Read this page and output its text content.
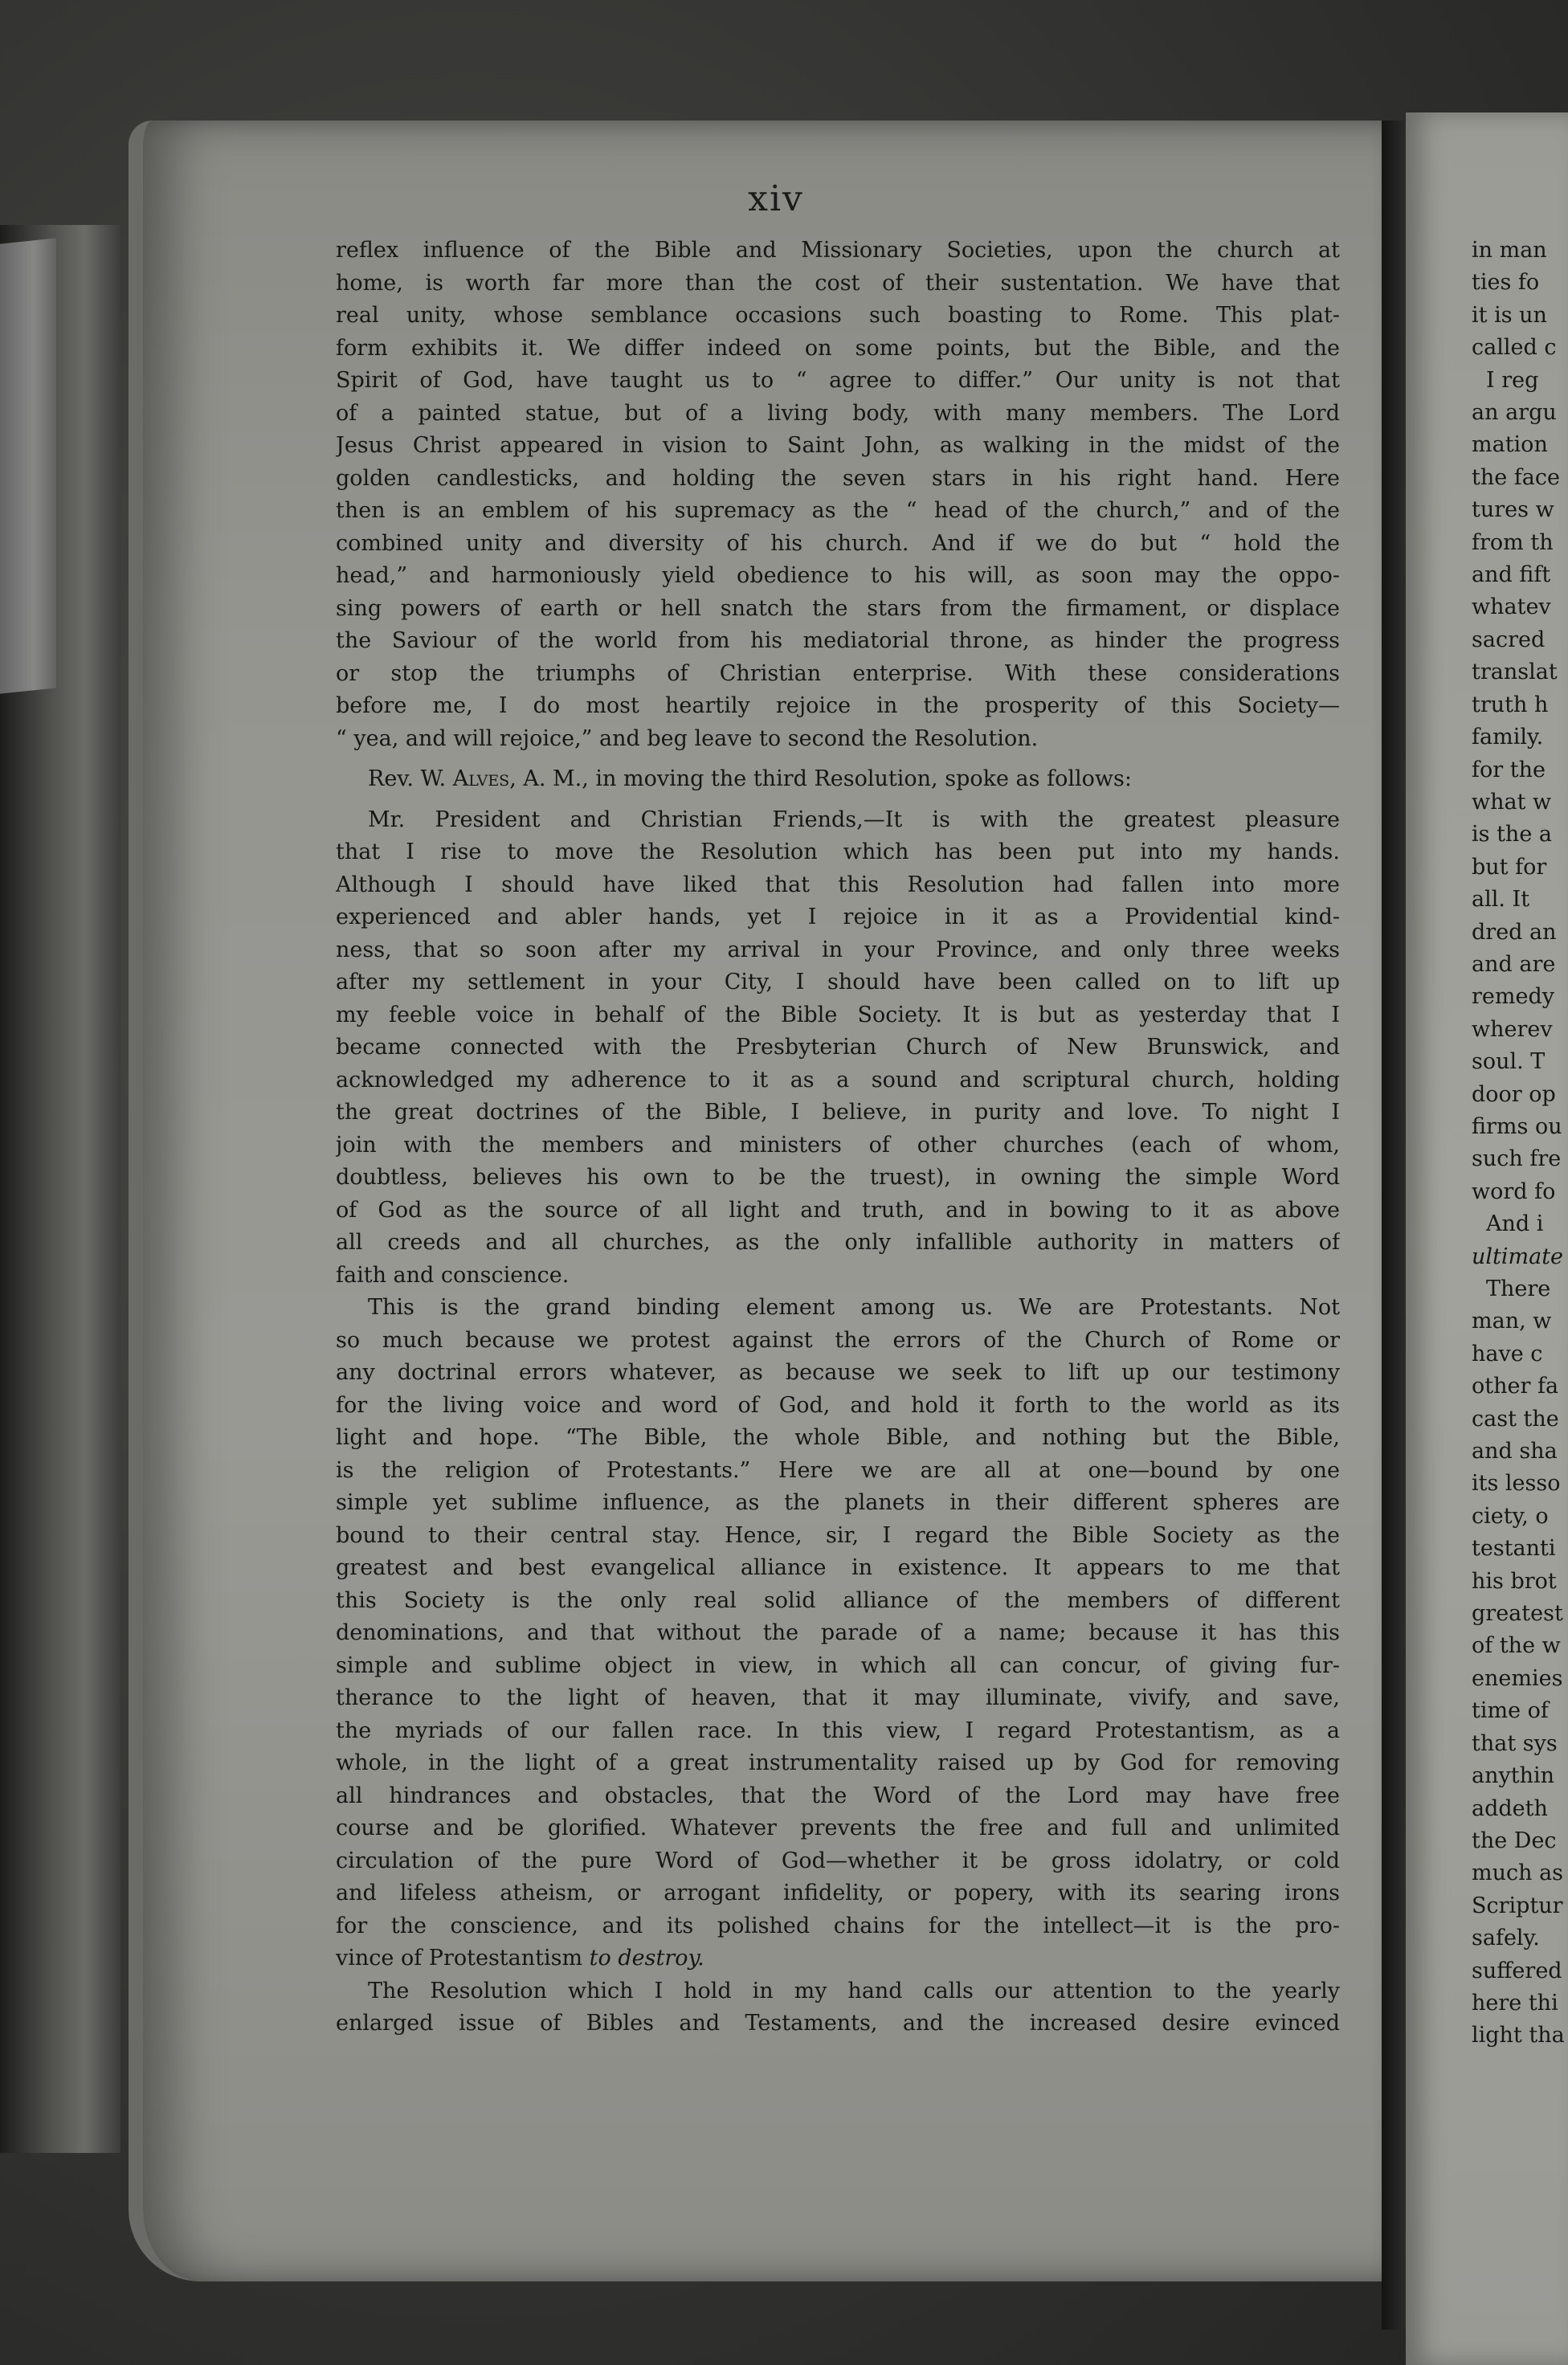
xiv

reflex influence of the Bible and Missionary Societies, upon the church at
home, is worth far more than the cost of their sustentation. We have that
real unity, whose semblance occasions such boasting to Rome. This plat-
form exhibits it. We differ indeed on some points, but the Bible, and the
Spirit of God, have taught us to “ agree to differ.” Our unity is not that
of a painted statue, but of a living body, with many members. The Lord
Jesus Christ appeared in vision to Saint John, as walking in the midst of the
golden candlesticks, and holding the seven stars in his right hand. Here
then is an emblem of his supremacy as the “ head of the church,” and of the
combined unity and diversity of his church. And if we do but “ hold the
head,” and harmoniously yield obedience to his will, as soon may the oppo-
sing powers of earth or hell snatch the stars from the firmament, or displace
the Saviour of the world from his mediatorial throne, as hinder the progress
or stop the triumphs of Christian enterprise. With these considerations
before me, I do most heartily rejoice in the prosperity of this Society—
“ yea, and will rejoice,” and beg leave to second the Resolution.

Rev. W. Alves, A. M., in moving the third Resolution, spoke as follows:

Mr. President and Christian Friends,—It is with the greatest pleasure
that I rise to move the Resolution which has been put into my hands.
Although I should have liked that this Resolution had fallen into more
experienced and abler hands, yet I rejoice in it as a Providential kind-
ness, that so soon after my arrival in your Province, and only three weeks
after my settlement in your City, I should have been called on to lift up
my feeble voice in behalf of the Bible Society. It is but as yesterday that I
became connected with the Presbyterian Church of New Brunswick, and
acknowledged my adherence to it as a sound and scriptural church, holding
the great doctrines of the Bible, I believe, in purity and love. To night I
join with the members and ministers of other churches (each of whom,
doubtless, believes his own to be the truest), in owning the simple Word
of God as the source of all light and truth, and in bowing to it as above
all creeds and all churches, as the only infallible authority in matters of
faith and conscience.

This is the grand binding element among us. We are Protestants. Not
so much because we protest against the errors of the Church of Rome or
any doctrinal errors whatever, as because we seek to lift up our testimony
for the living voice and word of God, and hold it forth to the world as its
light and hope. “The Bible, the whole Bible, and nothing but the Bible,
is the religion of Protestants.” Here we are all at one—bound by one
simple yet sublime influence, as the planets in their different spheres are
bound to their central stay. Hence, sir, I regard the Bible Society as the
greatest and best evangelical alliance in existence. It appears to me that
this Society is the only real solid alliance of the members of different
denominations, and that without the parade of a name; because it has this
simple and sublime object in view, in which all can concur, of giving fur-
therance to the light of heaven, that it may illuminate, vivify, and save,
the myriads of our fallen race. In this view, I regard Protestantism, as a
whole, in the light of a great instrumentality raised up by God for removing
all hindrances and obstacles, that the Word of the Lord may have free
course and be glorified. Whatever prevents the free and full and unlimited
circulation of the pure Word of God—whether it be gross idolatry, or cold
and lifeless atheism, or arrogant infidelity, or popery, with its searing irons
for the conscience, and its polished chains for the intellect—it is the pro-
vince of Protestantism to destroy.

The Resolution which I hold in my hand calls our attention to the yearly
enlarged issue of Bibles and Testaments, and the increased desire evinced

in man
ties fo
it is un
called c
I reg
an argu
mation
the face
tures w
from th
and fift
whatev
sacred
translat
truth h
family.
for the
what w
is the a
but for
all. It
dred an
and are
remedy
wherev
soul. T
door op
firms ou
such fre
word fo
And i
ultimate
There
man, w
have c
other fa
cast the
and sha
its lesso
ciety, o
testanti
his brot
greatest
of the w
enemies
time of
that sys
anythin
addeth
the Dec
much as
Scriptur
safely.
suffered
here thi
light tha
